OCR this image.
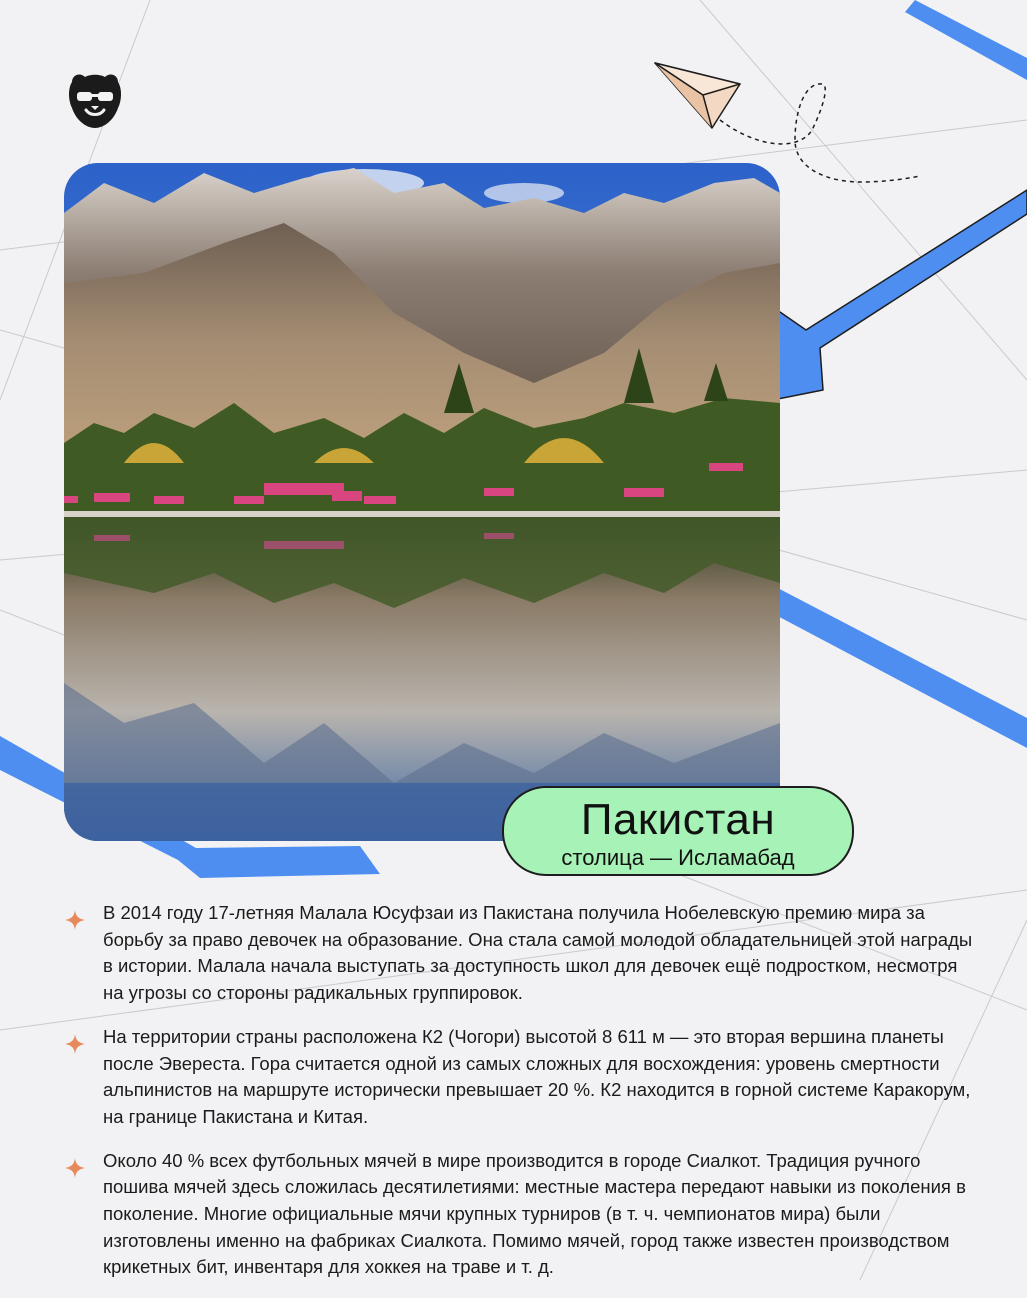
Пакистан
столица — Исламабад

В 2014 году 17-летняя Малала Юсуфзаи из Пакистана получила Нобелевскую премию мира за борьбу за право девочек на образование. Она стала самой молодой обладательницей этой награды в истории. Малала начала выступать за доступность школ для девочек ещё подростком, несмотря на угрозы со стороны радикальных группировок.

На территории страны расположена К2 (Чогори) высотой 8 611 м — это вторая вершина планеты после Эвереста. Гора считается одной из самых сложных для восхождения: уровень смертности альпинистов на маршруте исторически превышает 20 %. К2 находится в горной системе Каракорум, на границе Пакистана и Китая.

Около 40 % всех футбольных мячей в мире производится в городе Сиалкот. Традиция ручного пошива мячей здесь сложилась десятилетиями: местные мастера передают навыки из поколения в поколение. Многие официальные мячи крупных турниров (в т. ч. чемпионатов мира) были изготовлены именно на фабриках Сиалкота. Помимо мячей, город также известен производством крикетных бит, инвентаря для хоккея на траве и т. д.
